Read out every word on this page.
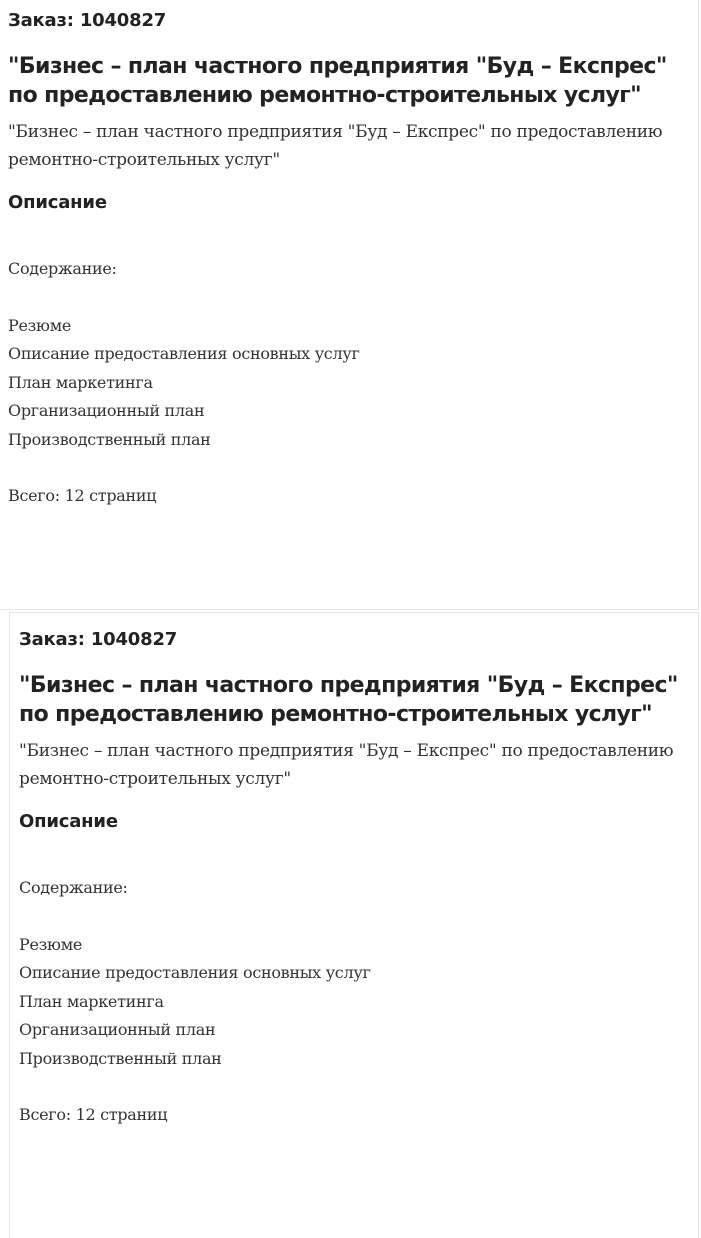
Заказ: 1040827
"Бизнес – план частного предприятия "Буд – Експрес" по предоставлению ремонтно-строительных услуг"
"Бизнес – план частного предприятия "Буд – Експрес" по предоставлению ремонтно-строительных услуг"
Описание
Содержание:
Резюме
Описание предоставления основных услуг
План маркетинга
Организационный план
Производственный план
Всего: 12 страниц
Заказ: 1040827
"Бизнес – план частного предприятия "Буд – Експрес" по предоставлению ремонтно-строительных услуг"
"Бизнес – план частного предприятия "Буд – Експрес" по предоставлению ремонтно-строительных услуг"
Описание
Содержание:
Резюме
Описание предоставления основных услуг
План маркетинга
Организационный план
Производственный план
Всего: 12 страниц
